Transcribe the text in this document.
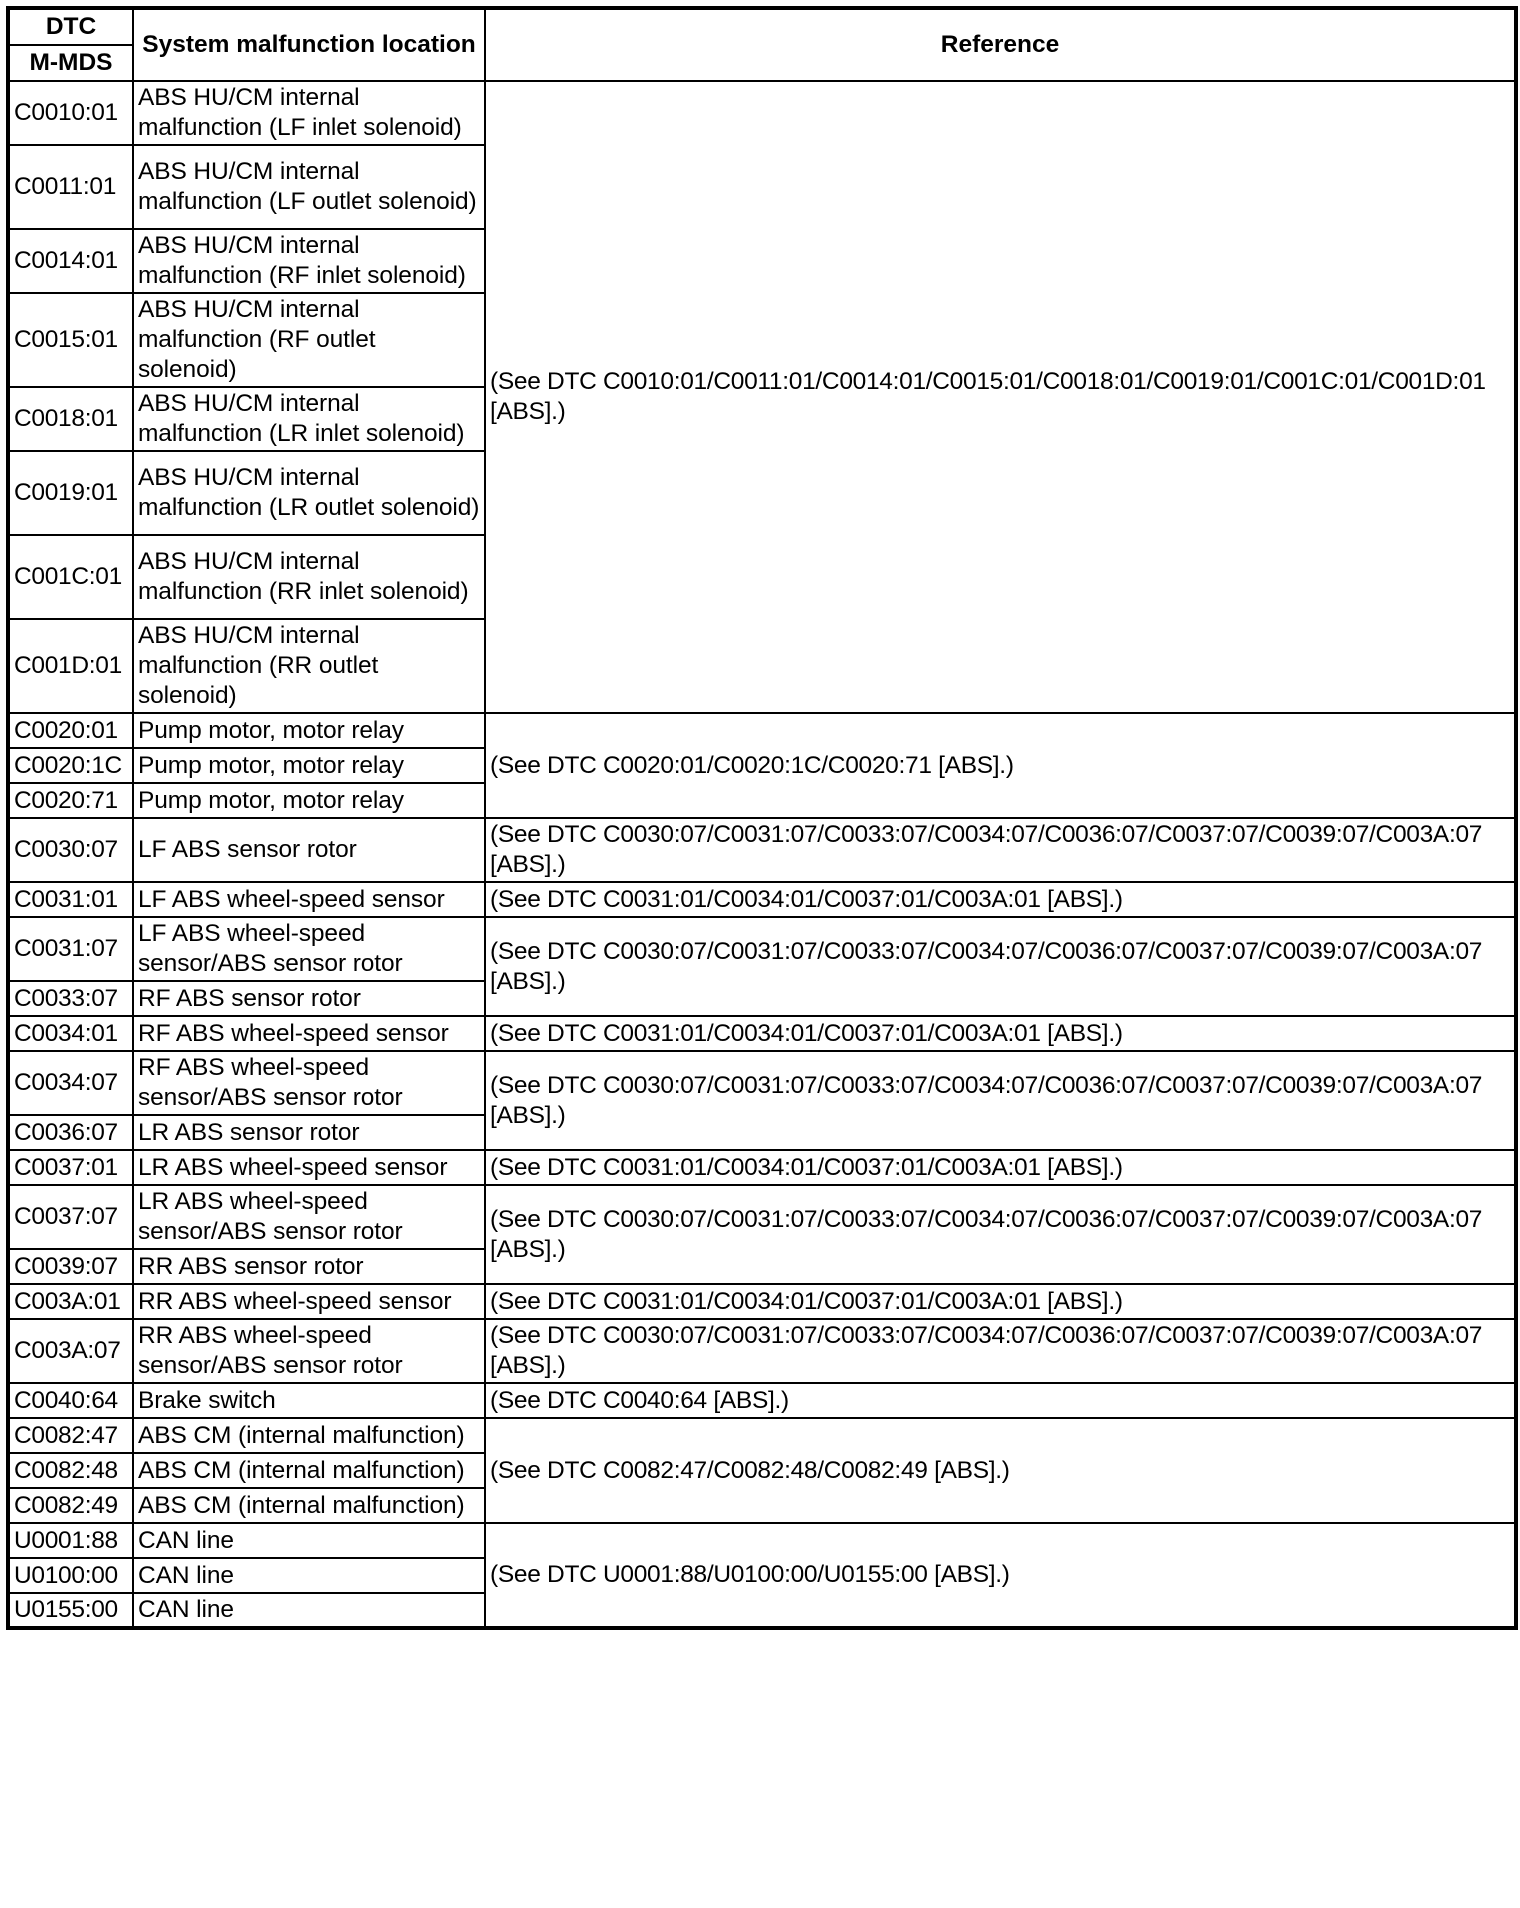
DTC	System malfunction location	Reference
M-MDS		
C0010:01	ABS HU/CM internal malfunction (LF inlet solenoid)	(See DTC C0010:01/C0011:01/C0014:01/C0015:01/C0018:01/C0019:01/C001C:01/C001D:01 [ABS].)
C0011:01	ABS HU/CM internal malfunction (LF outlet solenoid)	
C0014:01	ABS HU/CM internal malfunction (RF inlet solenoid)	
C0015:01	ABS HU/CM internal malfunction (RF outlet solenoid)	
C0018:01	ABS HU/CM internal malfunction (LR inlet solenoid)	
C0019:01	ABS HU/CM internal malfunction (LR outlet solenoid)	
C001C:01	ABS HU/CM internal malfunction (RR inlet solenoid)	
C001D:01	ABS HU/CM internal malfunction (RR outlet solenoid)	
C0020:01	Pump motor, motor relay	(See DTC C0020:01/C0020:1C/C0020:71 [ABS].)
C0020:1C	Pump motor, motor relay	
C0020:71	Pump motor, motor relay	
C0030:07	LF ABS sensor rotor	(See DTC C0030:07/C0031:07/C0033:07/C0034:07/C0036:07/C0037:07/C0039:07/C003A:07 [ABS].)
C0031:01	LF ABS wheel-speed sensor	(See DTC C0031:01/C0034:01/C0037:01/C003A:01 [ABS].)
C0031:07	LF ABS wheel-speed sensor/ABS sensor rotor	(See DTC C0030:07/C0031:07/C0033:07/C0034:07/C0036:07/C0037:07/C0039:07/C003A:07 [ABS].)
C0033:07	RF ABS sensor rotor	
C0034:01	RF ABS wheel-speed sensor	(See DTC C0031:01/C0034:01/C0037:01/C003A:01 [ABS].)
C0034:07	RF ABS wheel-speed sensor/ABS sensor rotor	(See DTC C0030:07/C0031:07/C0033:07/C0034:07/C0036:07/C0037:07/C0039:07/C003A:07 [ABS].)
C0036:07	LR ABS sensor rotor	
C0037:01	LR ABS wheel-speed sensor	(See DTC C0031:01/C0034:01/C0037:01/C003A:01 [ABS].)
C0037:07	LR ABS wheel-speed sensor/ABS sensor rotor	(See DTC C0030:07/C0031:07/C0033:07/C0034:07/C0036:07/C0037:07/C0039:07/C003A:07 [ABS].)
C0039:07	RR ABS sensor rotor	
C003A:01	RR ABS wheel-speed sensor	(See DTC C0031:01/C0034:01/C0037:01/C003A:01 [ABS].)
C003A:07	RR ABS wheel-speed sensor/ABS sensor rotor	(See DTC C0030:07/C0031:07/C0033:07/C0034:07/C0036:07/C0037:07/C0039:07/C003A:07 [ABS].)
C0040:64	Brake switch	(See DTC C0040:64 [ABS].)
C0082:47	ABS CM (internal malfunction)	(See DTC C0082:47/C0082:48/C0082:49 [ABS].)
C0082:48	ABS CM (internal malfunction)	
C0082:49	ABS CM (internal malfunction)	
U0001:88	CAN line	(See DTC U0001:88/U0100:00/U0155:00 [ABS].)
U0100:00	CAN line	
U0155:00	CAN line	
